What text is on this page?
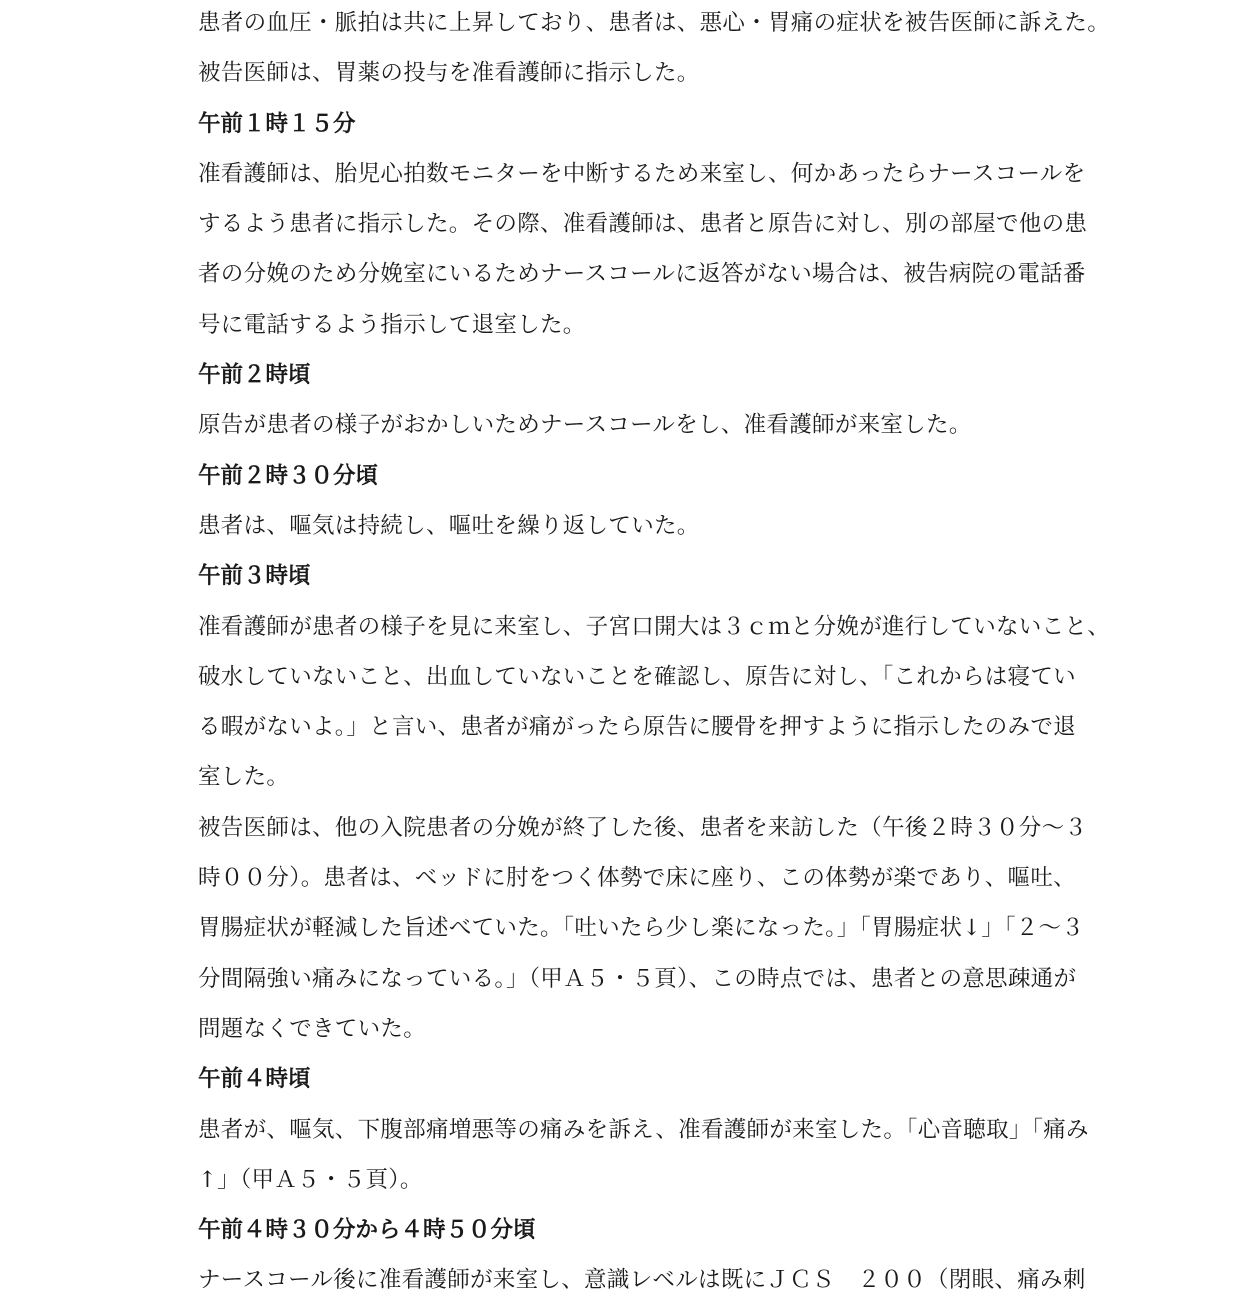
患者の血圧・脈拍は共に上昇しており、患者は、悪心・胃痛の症状を被告医師に訴えた。
被告医師は、胃薬の投与を准看護師に指示した。
午前１時１５分
准看護師は、胎児心拍数モニターを中断するため来室し、何かあったらナースコールを
するよう患者に指示した。その際、准看護師は、患者と原告に対し、別の部屋で他の患
者の分娩のため分娩室にいるためナースコールに返答がない場合は、被告病院の電話番
号に電話するよう指示して退室した。
午前２時頃
原告が患者の様子がおかしいためナースコールをし、准看護師が来室した。
午前２時３０分頃
患者は、嘔気は持続し、嘔吐を繰り返していた。
午前３時頃
准看護師が患者の様子を見に来室し、子宮口開大は３ｃｍと分娩が進行していないこと、
破水していないこと、出血していないことを確認し、原告に対し、「これからは寝てい
る暇がないよ。」と言い、患者が痛がったら原告に腰骨を押すように指示したのみで退
室した。
被告医師は、他の入院患者の分娩が終了した後、患者を来訪した（午後２時３０分～３
時００分）。患者は、ベッドに肘をつく体勢で床に座り、この体勢が楽であり、嘔吐、
胃腸症状が軽減した旨述べていた。「吐いたら少し楽になった。」「胃腸症状↓」「２～３
分間隔強い痛みになっている。」（甲Ａ５・５頁）、この時点では、患者との意思疎通が
問題なくできていた。
午前４時頃
患者が、嘔気、下腹部痛増悪等の痛みを訴え、准看護師が来室した。「心音聴取」「痛み
↑」（甲Ａ５・５頁）。
午前４時３０分から４時５０分頃
ナースコール後に准看護師が来室し、意識レベルは既にＪＣＳ　２００（閉眼、痛み刺
